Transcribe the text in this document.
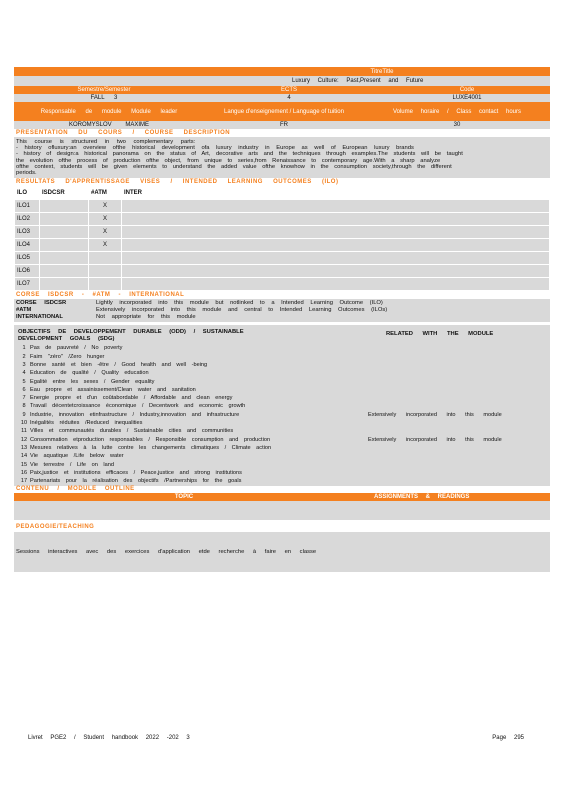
TitreTitle
Luxury Culture: Past,Present and Future
Semestre/Semester	ECTS	Code
FALL 3	4	LUXE4001
Responsable de module Module leader	Langue d'enseignement / Language of tuition	Volume horaire / Class contact hours
KOROMYSLOV MAXIME	FR	30
PRESENTATION DU COURS / COURSE DESCRIPTION
This course is structured in two complementary parts:
- history ofluxury:an overview ofthe historical development ofa luxury industry in Europe as well of European luxury brands
- history of design:a historical panorama on the status of Art, decorative arts and the techniques through examples.The students will be taught
the evolution ofthe process of production ofthe object, from unique to series,from Renaissance to contemporary age.With a sharp analyze
ofthe context, students will be given elements to understand the added value ofthe knowhow in the consumption society,through the different
periods.
RESULTATS D'APPRENTISSAGE VISES / INTENDED LEARNING OUTCOMES (ILO)
ILO	ISDCSR	#ATM	INTER
ILO1		X	
ILO2		X	
ILO3		X	
ILO4		X	
ILO5			
ILO6			
ILO7			
CORSE ISDCSR - #ATM - INTERNATIONAL
CORSE ISDCSR	Lightly incorporated into this module but notlinked to a Intended Learning Outcome (ILO)
#ATM	Extensively incorporated into this module and central to Intended Learning Outcomes (ILOs)
INTERNATIONAL	Not appropriate for this module
OBJECTIFS DE DEVELOPPEMENT DURABLE (ODD) / SUSTAINABLE
DEVELOPMENT GOALS (SDG)
RELATED WITH THE MODULE
1 Pas de pauvreté / No poverty
2 Faim "zéro" /Zero hunger
3 Bonne santé et bien -être / Good health and well -being
4 Education de qualité / Quality education
5 Egalité entre les sexes / Gender equality
6 Eau propre et assainissement/Clean water and sanitation
7 Energie propre et d'un coûtabordable / Affordable and clean energy
8 Travail décentetcroissance économique / Decentwork and economic growth
9 Industrie, innovation etinfrastructure / Industry,innovation and infrastructure	Extensively incorporated into this module
10 Inégalités réduites /Reduced inequalities
11 Villes et communautés durables / Sustainable cities and communities
12 Consommation etproduction responsables / Responsible consumption and production	Extensively incorporated into this module
13 Mesures relatives à la lutte contre les changements climatiques / Climate action
14 Vie aquatique /Life below water
15 Vie terrestre / Life on land
16 Paix,justice et institutions efficaces / Peace,justice and strong institutions
17 Partenariats pour la réalisation des objectifs /Partnerships for the goals
CONTENU / MODULE OUTLINE
TOPIC	ASSIGNMENTS & READINGS
PEDAGOGIE/TEACHING
Sessions interactives avec des exercices d'application etde recherche à faire en classe
Livret PGE2 / Student handbook 2022 -202 3	Page 295
